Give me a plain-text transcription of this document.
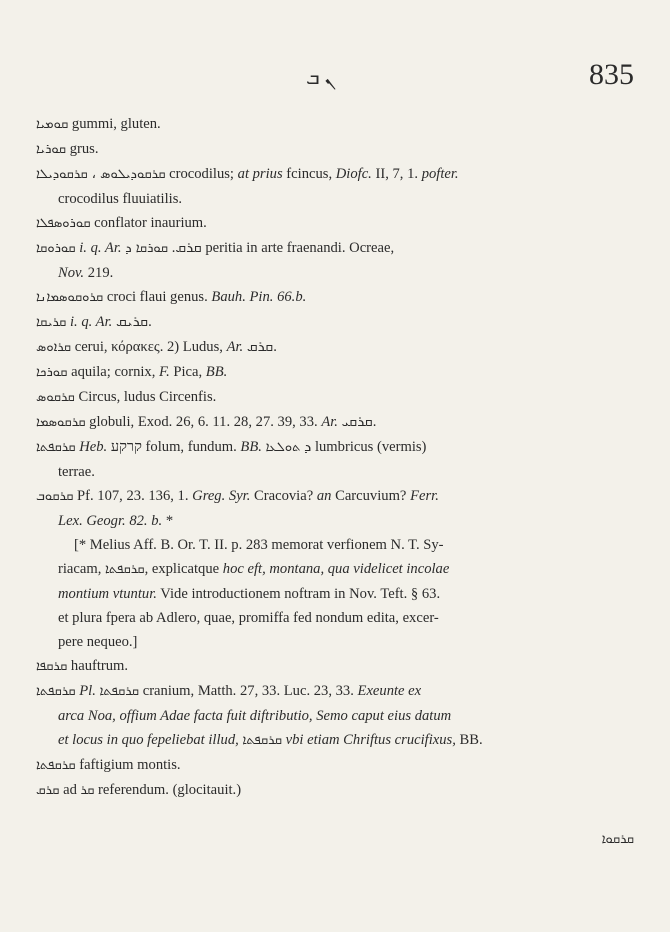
ܢ ܒ	835
ܩܘܡܝܐ gummi, gluten.
ܩܘܪܝܐ grus.
ܩܪܩܘܕܝܠܘܣ ، ܩܪܩܘܕܝܠܐ crocodilus; at prius fcincus, Diofc. II, 7, 1. pofter.
crocodilus fluuiatilis.
ܩܘܪܘܣܦܠܐ conflator inaurium.
ܩܘܪܘܩܐ i. q. Ar. ܩܪܩ. ܩܘܪܩܐ ܕ peritia in arte fraenandi. Ocreae,
Nov. 219.
ܩܪܘܩܘܣܡܐܢܐ croci flaui genus. Bauh. Pin. 66.b.
ܩܪܝܩܐ i. q. Ar. ܩܪܝܩ.
ܩܪܐܘܣ cerui, κόρακες. 2) Ludus, Ar. ܩܪܩ.
ܩܘܪܟܐ aquila; cornix, F. Pica, BB.
ܩܪܩܘܣ Circus, ludus Circenfis.
ܩܪܩܘܣܡܐ globuli, Exod. 26, 6. 11. 28, 27. 39, 33. Ar. ܩܪܩܝ.
ܩܪܩܦܬܐ Heb. קרקע folum, fundum. BB. ܕ ܬܘܠܥܐ lumbricus (vermis)
terrae.
ܩܪܩܘܒ Pf. 107, 23. 136, 1. Greg. Syr. Cracovia? an Carcuvium? Ferr.
Lex. Geogr. 82. b. *
[* Melius Aff. B. Or. T. II. p. 283 memorat verfionem N. T. Sy-
riacam, ܩܪܩܦܬܐ, explicatque hoc eft, montana, qua videlicet incolae
montium vtuntur. Vide introductionem noftram in Nov. Teft. § 63.
et plura fpera ab Adlero, quae, promiffa fed nondum edita, excer-
pere nequeo.]
ܩܪܩܦܐ hauftrum.
ܩܪܩܦܬܐ Pl. ܩܪܩܦܬܐ cranium, Matth. 27, 33. Luc. 23, 33. Exeunte ex
arca Noa, offium Adae facta fuit diftributio, Semo caput eius datum
et locus in quo fepeliebat illud, ܩܪܩܦܬܐ vbi etiam Chriftus crucifixus, BB.
ܩܪܩܦܬܐ faftigium montis.
ܩܪܩ ad ܩܪ referendum. (glocitauit.)
ܩܪܩܘܐ
